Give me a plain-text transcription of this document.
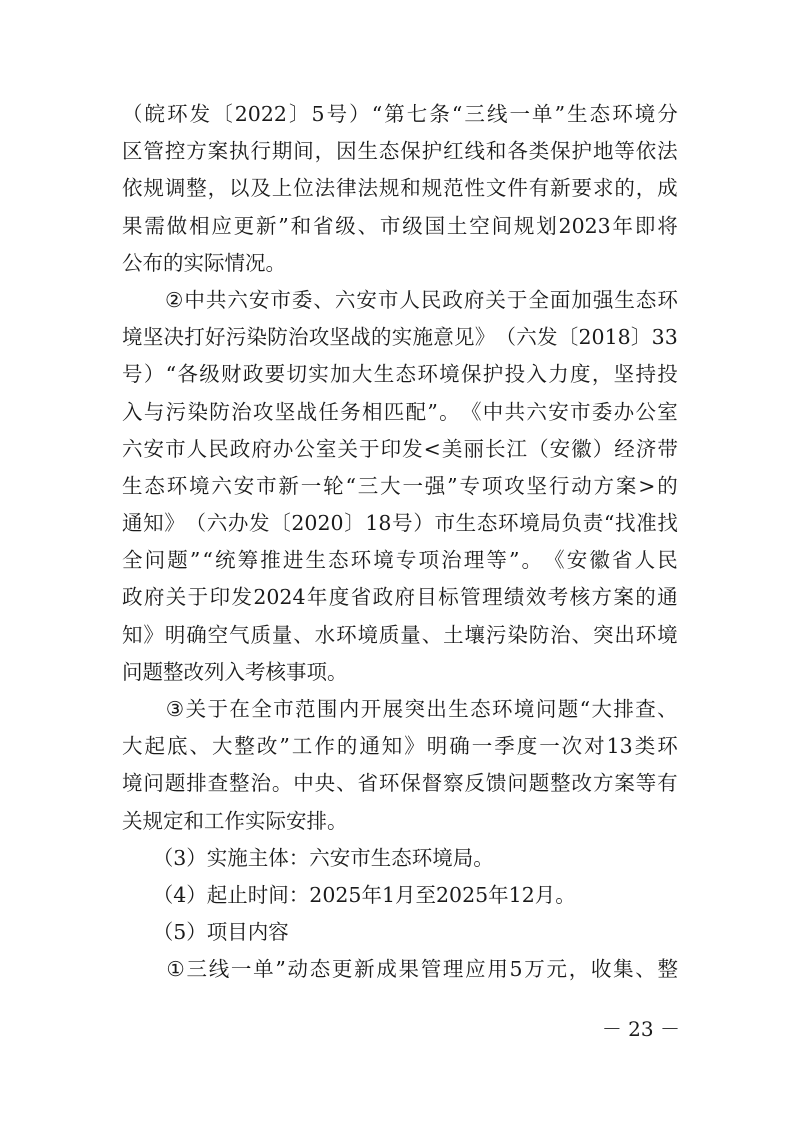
（ 皖 环 发 〔 2022 〕 5 号 ） “ 第 七 条 “ 三 线 一 单 ” 生 态 环 境 分
区 管 控 方 案 执 行 期 间 ， 因 生 态 保 护 红 线 和 各 类 保 护 地 等 依 法
依 规 调 整 ， 以 及 上 位 法 律 法 规 和 规 范 性 文 件 有 新 要 求 的 ， 成
果 需 做 相 应 更 新 ” 和 省 级 、 市 级 国 土 空 间 规 划 2023 年 即 将
公布的实际情况。

② 中 共 六 安 市 委 、 六 安 市 人 民 政 府 关 于 全 面 加 强 生 态 环
境 坚 决 打 好 污 染 防 治 攻 坚 战 的 实 施 意 见 》 （ 六 发 〔 2018 〕 33
号 ） “ 各 级 财 政 要 切 实 加 大 生 态 环 境 保 护 投 入 力 度 ， 坚 持 投
入 与 污 染 防 治 攻 坚 战 任 务 相 匹 配 ” 。 《 中 共 六 安 市 委 办 公 室
六 安 市 人 民 政 府 办 公 室 关 于 印 发 < 美 丽 长 江 （ 安 徽 ） 经 济 带
生 态 环 境 六 安 市 新 一 轮 “ 三 大 一 强 ” 专 项 攻 坚 行 动 方 案 > 的
通 知 》 （ 六 办 发 〔 2020 〕 18 号 ） 市 生 态 环 境 局 负 责 “ 找 准 找
全 问 题 ” “ 统 筹 推 进 生 态 环 境 专 项 治 理 等 ” 。 《 安 徽 省 人 民
政 府 关 于 印 发 2024 年 度 省 政 府 目 标 管 理 绩 效 考 核 方 案 的 通
知 》 明 确 空 气 质 量 、 水 环 境 质 量 、 土 壤 污 染 防 治 、 突 出 环 境
问题整改列入考核事项。

③ 关 于 在 全 市 范 围 内 开 展 突 出 生 态 环 境 问 题 “ 大 排 查 、
大 起 底 、 大 整 改 ” 工 作 的 通 知 》 明 确 一 季 度 一 次 对 13 类 环
境 问 题 排 查 整 治 。 中 央 、 省 环 保 督 察 反 馈 问 题 整 改 方 案 等 有
关规定和工作实际安排。
　　（3）实施主体：六安市生态环境局。
　　（4）起止时间：2025年1月至2025年12月。
　　（5）项目内容

① 三 线 一 单 ” 动 态 更 新 成 果 管 理 应 用 5 万 元 ， 收 集 、 整
－ 23 －
